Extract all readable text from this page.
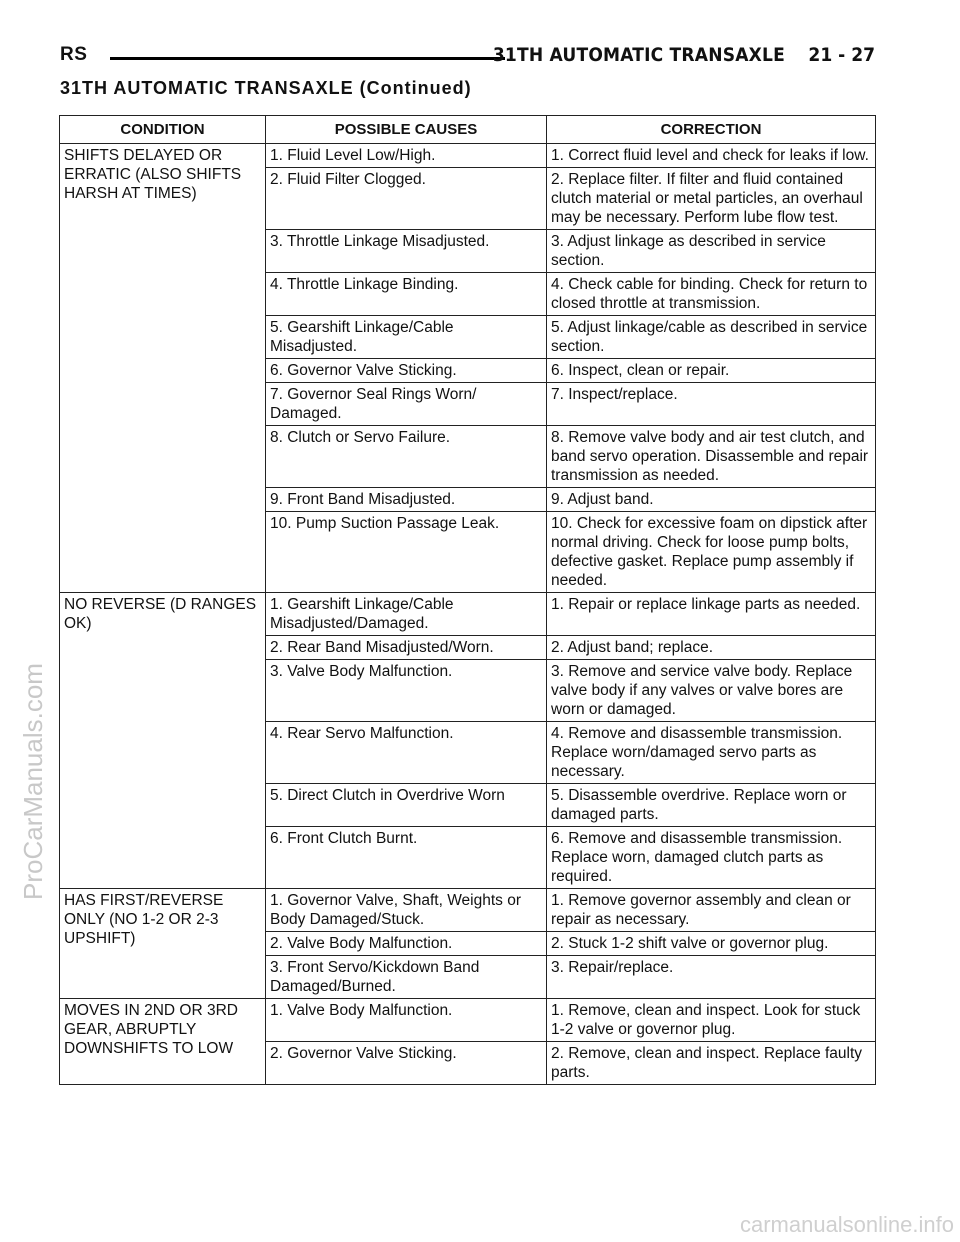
RS	31TH AUTOMATIC TRANSAXLE 21 - 27
31TH AUTOMATIC TRANSAXLE (Continued)
CONDITION	POSSIBLE CAUSES	CORRECTION
SHIFTS DELAYED OR ERRATIC (ALSO SHIFTS HARSH AT TIMES)	1. Fluid Level Low/High.	1. Correct fluid level and check for leaks if low.
	2. Fluid Filter Clogged.	2. Replace filter. If filter and fluid contained clutch material or metal particles, an overhaul may be necessary. Perform lube flow test.
	3. Throttle Linkage Misadjusted.	3. Adjust linkage as described in service section.
	4. Throttle Linkage Binding.	4. Check cable for binding. Check for return to closed throttle at transmission.
	5. Gearshift Linkage/Cable Misadjusted.	5. Adjust linkage/cable as described in service section.
	6. Governor Valve Sticking.	6. Inspect, clean or repair.
	7. Governor Seal Rings Worn/ Damaged.	7. Inspect/replace.
	8. Clutch or Servo Failure.	8. Remove valve body and air test clutch, and band servo operation. Disassemble and repair transmission as needed.
	9. Front Band Misadjusted.	9. Adjust band.
	10. Pump Suction Passage Leak.	10. Check for excessive foam on dipstick after normal driving. Check for loose pump bolts, defective gasket. Replace pump assembly if needed.
NO REVERSE (D RANGES OK)	1. Gearshift Linkage/Cable Misadjusted/Damaged.	1. Repair or replace linkage parts as needed.
	2. Rear Band Misadjusted/Worn.	2. Adjust band; replace.
	3. Valve Body Malfunction.	3. Remove and service valve body. Replace valve body if any valves or valve bores are worn or damaged.
	4. Rear Servo Malfunction.	4. Remove and disassemble transmission. Replace worn/damaged servo parts as necessary.
	5. Direct Clutch in Overdrive Worn	5. Disassemble overdrive. Replace worn or damaged parts.
	6. Front Clutch Burnt.	6. Remove and disassemble transmission. Replace worn, damaged clutch parts as required.
HAS FIRST/REVERSE ONLY (NO 1-2 OR 2-3 UPSHIFT)	1. Governor Valve, Shaft, Weights or Body Damaged/Stuck.	1. Remove governor assembly and clean or repair as necessary.
	2. Valve Body Malfunction.	2. Stuck 1-2 shift valve or governor plug.
	3. Front Servo/Kickdown Band Damaged/Burned.	3. Repair/replace.
MOVES IN 2ND OR 3RD GEAR, ABRUPTLY DOWNSHIFTS TO LOW	1. Valve Body Malfunction.	1. Remove, clean and inspect. Look for stuck 1-2 valve or governor plug.
	2. Governor Valve Sticking.	2. Remove, clean and inspect. Replace faulty parts.
ProCarManuals.com
carmanualsonline.info
